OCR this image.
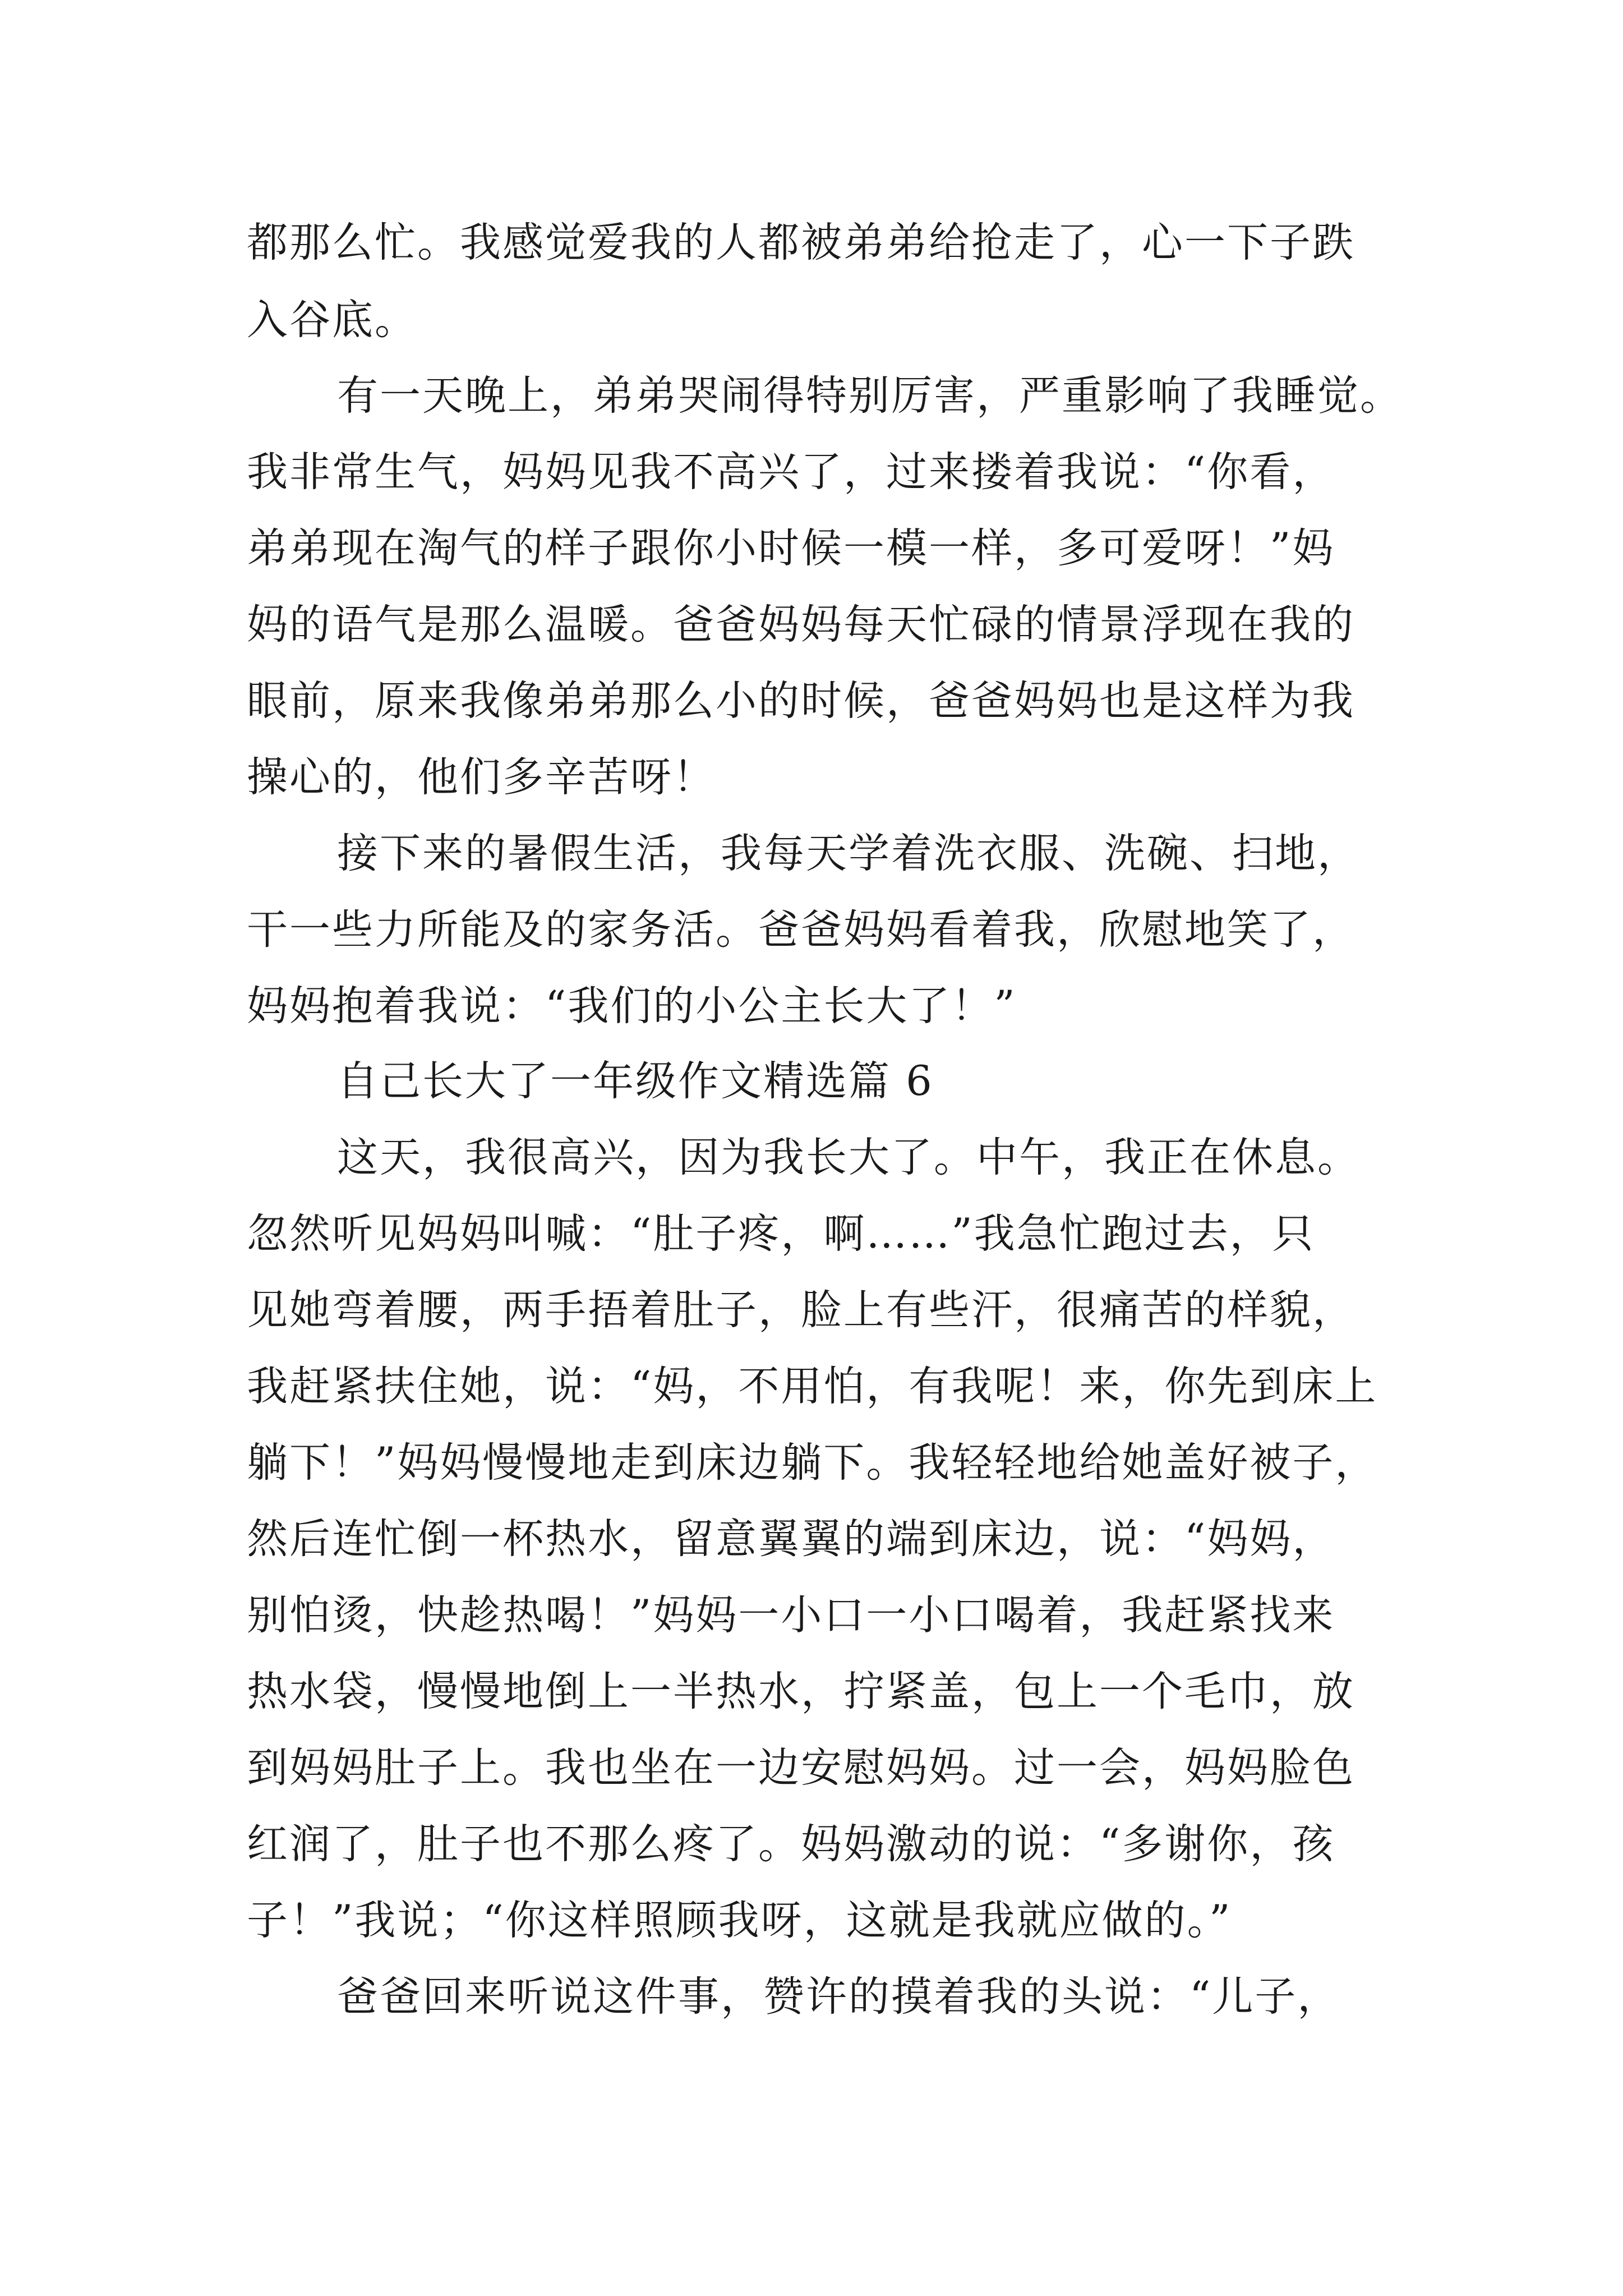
都那么忙。我感觉爱我的人都被弟弟给抢走了，心一下子跌
入谷底。
有一天晚上，弟弟哭闹得特别厉害，严重影响了我睡觉。
我非常生气，妈妈见我不高兴了，过来搂着我说：“你看，
弟弟现在淘气的样子跟你小时候一模一样，多可爱呀！”妈
妈的语气是那么温暖。爸爸妈妈每天忙碌的情景浮现在我的
眼前，原来我像弟弟那么小的时候，爸爸妈妈也是这样为我
操心的，他们多辛苦呀！
接下来的暑假生活，我每天学着洗衣服、洗碗、扫地，
干一些力所能及的家务活。爸爸妈妈看着我，欣慰地笑了，
妈妈抱着我说：“我们的小公主长大了！”
自己长大了一年级作文精选篇 6
这天，我很高兴，因为我长大了。中午，我正在休息。
忽然听见妈妈叫喊：“肚子疼，啊……”我急忙跑过去，只
见她弯着腰，两手捂着肚子，脸上有些汗，很痛苦的样貌，
我赶紧扶住她，说：“妈，不用怕，有我呢！来，你先到床上
躺下！”妈妈慢慢地走到床边躺下。我轻轻地给她盖好被子，
然后连忙倒一杯热水，留意翼翼的端到床边，说：“妈妈，
别怕烫，快趁热喝！”妈妈一小口一小口喝着，我赶紧找来
热水袋，慢慢地倒上一半热水，拧紧盖，包上一个毛巾，放
到妈妈肚子上。我也坐在一边安慰妈妈。过一会，妈妈脸色
红润了，肚子也不那么疼了。妈妈激动的说：“多谢你，孩
子！”我说；“你这样照顾我呀，这就是我就应做的。”
爸爸回来听说这件事，赞许的摸着我的头说：“儿子，
